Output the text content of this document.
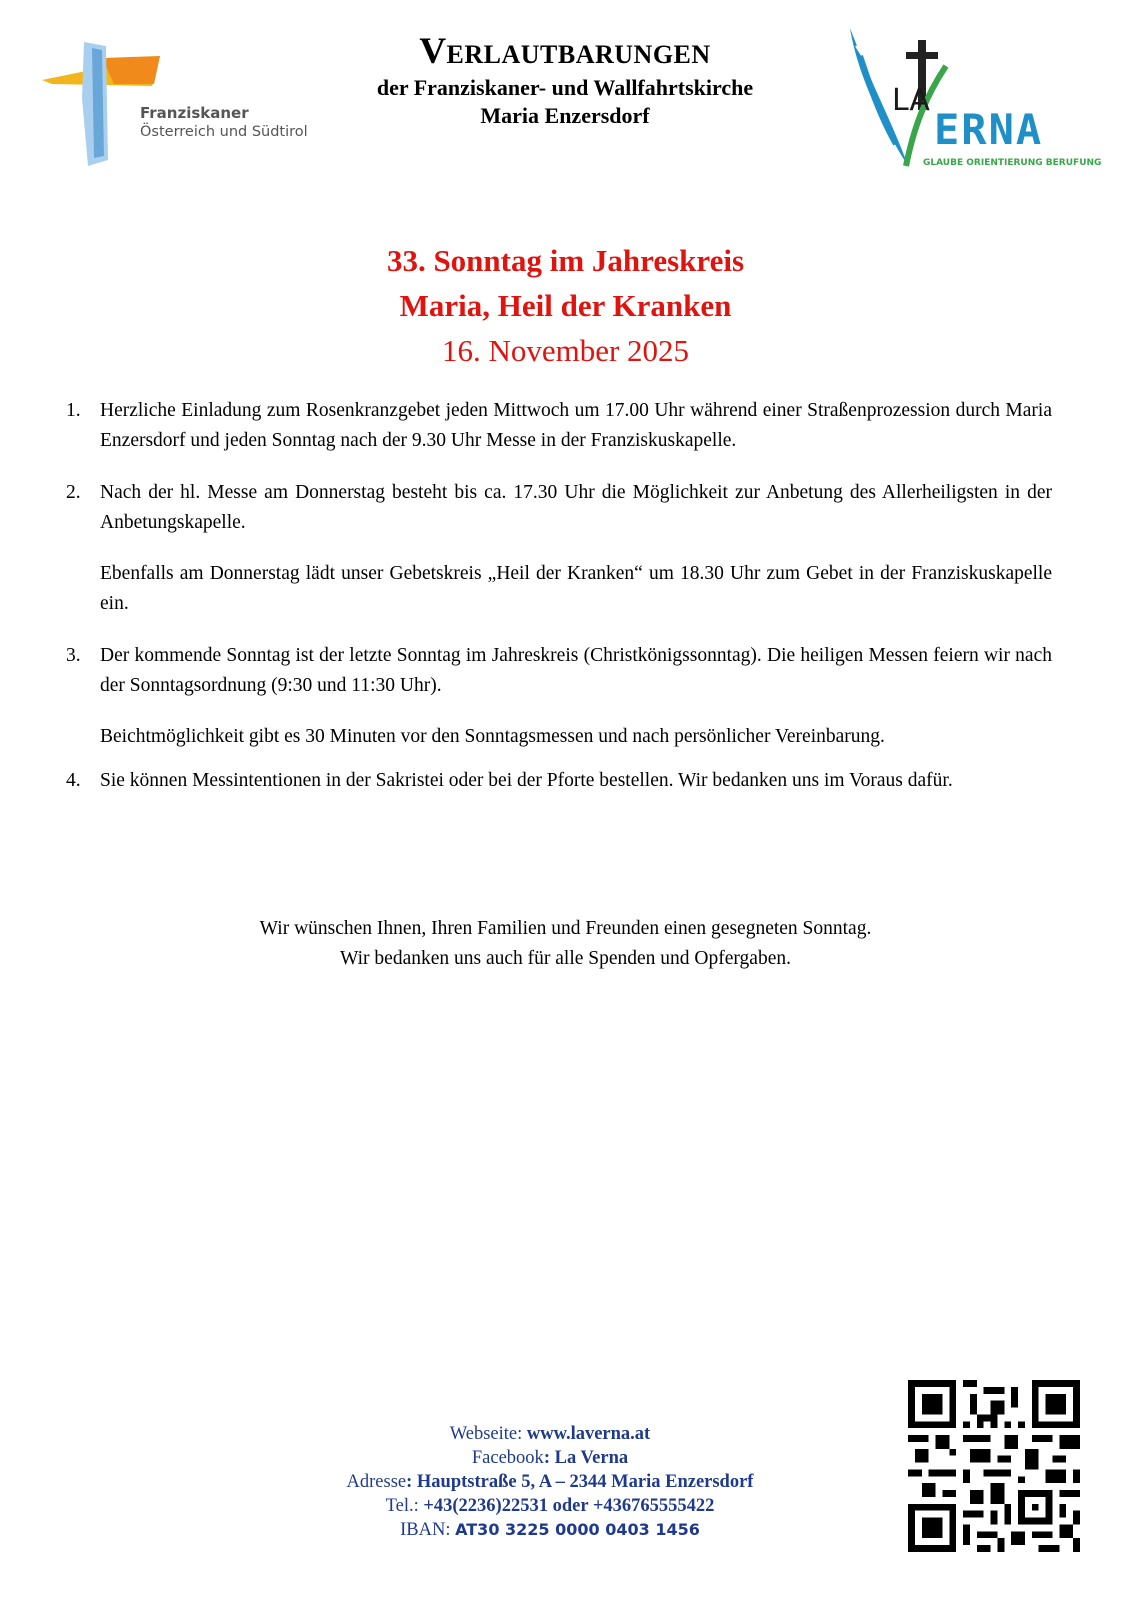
Franziskaner
Österreich und Südtirol
Verlautbarungen
der Franziskaner- und Wallfahrtskirche
Maria Enzersdorf	LA
ERNA
GLAUBE ORIENTIERUNG BERUFUNG
33. Sonntag im Jahreskreis
Maria, Heil der Kranken
16. November 2025
1. Herzliche Einladung zum Rosenkranzgebet jeden Mittwoch um 17.00 Uhr während einer Straßenprozession durch Maria Enzersdorf und jeden Sonntag nach der 9.30 Uhr Messe in der Franziskuskapelle.
2. Nach der hl. Messe am Donnerstag besteht bis ca. 17.30 Uhr die Möglichkeit zur Anbetung des Allerheiligsten in der Anbetungskapelle.
Ebenfalls am Donnerstag lädt unser Gebetskreis „Heil der Kranken“ um 18.30 Uhr zum Gebet in der Franziskuskapelle ein.
3. Der kommende Sonntag ist der letzte Sonntag im Jahreskreis (Christkönigssonntag). Die heiligen Messen feiern wir nach der Sonntagsordnung (9:30 und 11:30 Uhr).
Beichtmöglichkeit gibt es 30 Minuten vor den Sonntagsmessen und nach persönlicher Vereinbarung.
4. Sie können Messintentionen in der Sakristei oder bei der Pforte bestellen. Wir bedanken uns im Voraus dafür.
Wir wünschen Ihnen, Ihren Familien und Freunden einen gesegneten Sonntag.
Wir bedanken uns auch für alle Spenden und Opfergaben.
Webseite: www.laverna.at
Facebook: La Verna
Adresse: Hauptstraße 5, A – 2344 Maria Enzersdorf
Tel.: +43(2236)22531 oder +436765555422
IBAN: AT30 3225 0000 0403 1456
